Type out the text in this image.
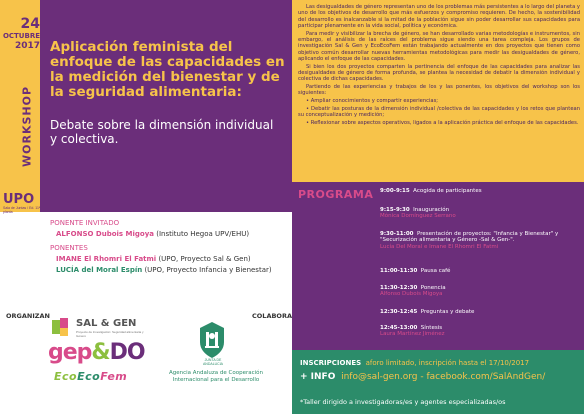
24
OCTUBRE
2017
WORKSHOP
UPO
Sala de Juntas / Ed. 11ª planta
Aplicación feminista del enfoque de las capacidades en la medición del bienestar y de la seguridad alimentaria:
Debate sobre la dimensión individual y colectiva.
PONENTE INVITADO
ALFONSO Dubois Migoya (Instituto Hegoa UPV/EHU)
PONENTES
IMANE El Rhomri El Fatmi (UPO, Proyecto Sal & Gen)
LUCÍA del Moral Espín (UPO, Proyecto Infancia y Bienestar)
ORGANIZAN	COLABORA
SAL & GEN
Proyecto de Investigación: Seguridad alimentaria y Género
gep&DO
EcoEcoFem
JUNTA DE ANDALUCIA
Agencia Andaluza de Cooperación Internacional para el Desarrollo

Las desigualdades de género representan uno de los problemas más persistentes a lo largo del planeta y uno de los objetivos de desarrollo que más esfuerzos y compromiso requieren. De hecho, la sostenibilidad del desarrollo es inalcanzable si la mitad de la población sigue sin poder desarrollar sus capacidades para participar plenamente en la vida social, política y económica.

Para medir y visibilizar la brecha de género, se han desarrollado varias metodologías e instrumentos, sin embargo, el análisis de las raíces del problema sigue siendo una tarea compleja. Los grupos de investigación Sal & Gen y EcoEcoFem están trabajando actualmente en dos proyectos que tienen como objetivo común desarrollar nuevas herramientas metodológicas para medir las desigualdades de género, aplicando el enfoque de las capacidades.

Si bien los dos proyectos comparten la pertinencia del enfoque de las capacidades para analizar las desigualdades de género de forma profunda, se plantea la necesidad de debatir la dimensión individual y colectiva de dichas capacidades.

Partiendo de las experiencias y trabajos de los y las ponentes, los objetivos del workshop son los siguientes:

• Ampliar conocimientos y compartir experiencias;

• Debatir las posturas de la dimensión individual /colectiva de las capacidades y los retos que plantean su conceptualización y medición;

• Reflexionar sobre aspectos operativos, ligados a la aplicación práctica del enfoque de las capacidades.

PROGRAMA 9:00-9:15 Acogida de participantes
9:15-9:30 Inauguración
Mónica Domínguez Serrano
9:30-11:00 Presentación de proyectos: "Infancia y Bienestar" y "Securización alimentaria y Género -Sal & Gen-".
Lucía Del Moral e Imane El Rhomri El Fatmi
11:00-11:30 Pausa café
11:30-12:30 Ponencia
Alfonso Dubois Migoya
12:30-12:45 Preguntas y debate
12:45-13:00 Síntesis
Laura Martínez Jiménez
INSCRIPCIONES aforo limitado, inscripción hasta el 17/10/2017
+ INFO info@sal-gen.org - facebook.com/SalAndGen/
*Taller dirigido a investigadoras/es y agentes especializadas/os
